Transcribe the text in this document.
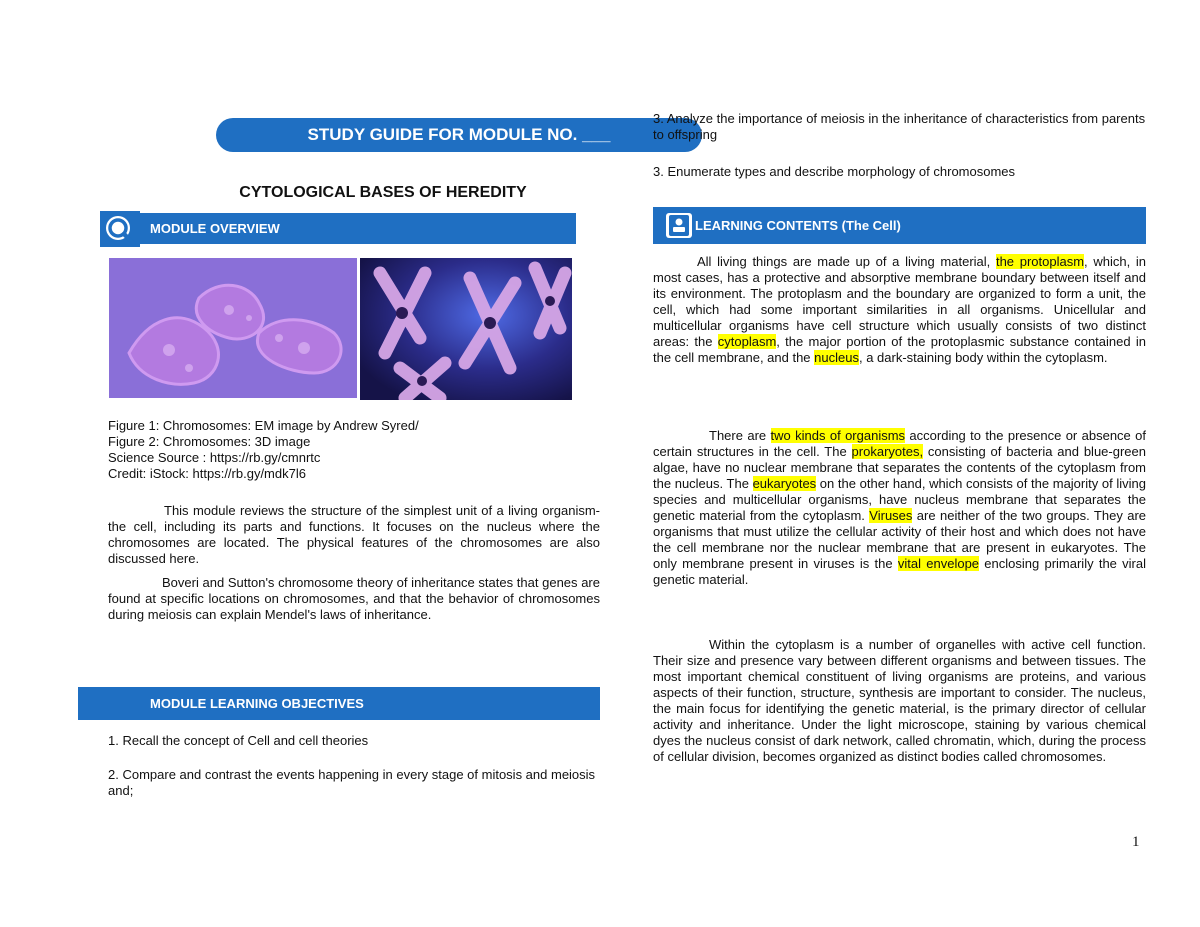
STUDY GUIDE FOR MODULE NO. ___
CYTOLOGICAL BASES OF HEREDITY
MODULE OVERVIEW
Figure 1: Chromosomes: EM image by Andrew Syred/
Figure 2: Chromosomes: 3D image
Science Source : https://rb.gy/cmnrtc
Credit: iStock: https://rb.gy/mdk7l6
This module reviews the structure of the simplest unit of a living organism- the cell, including its parts and functions. It focuses on the nucleus where the chromosomes are located. The physical features of the chromosomes are also discussed here.
Boveri and Sutton's chromosome theory of inheritance states that genes are found at specific locations on chromosomes, and that the behavior of chromosomes during meiosis can explain Mendel's laws of inheritance.
MODULE LEARNING OBJECTIVES
1. Recall the concept of Cell and cell theories
2. Compare and contrast the events happening in every stage of mitosis and meiosis and;
3. Analyze the importance of meiosis in the inheritance of characteristics from parents to offspring
3. Enumerate types and describe morphology of chromosomes
LEARNING CONTENTS (The Cell)
All living things are made up of a living material, the protoplasm, which, in most cases, has a protective and absorptive membrane boundary between itself and its environment. The protoplasm and the boundary are organized to form a unit, the cell, which had some important similarities in all organisms. Unicellular and multicellular organisms have cell structure which usually consists of two distinct areas: the cytoplasm, the major portion of the protoplasmic substance contained in the cell membrane, and the nucleus, a dark-staining body within the cytoplasm.
There are two kinds of organisms according to the presence or absence of certain structures in the cell. The prokaryotes, consisting of bacteria and blue-green algae, have no nuclear membrane that separates the contents of the cytoplasm from the nucleus. The eukaryotes on the other hand, which consists of the majority of living species and multicellular organisms, have nucleus membrane that separates the genetic material from the cytoplasm. Viruses are neither of the two groups. They are organisms that must utilize the cellular activity of their host and which does not have the cell membrane nor the nuclear membrane that are present in eukaryotes. The only membrane present in viruses is the vital envelope enclosing primarily the viral genetic material.
Within the cytoplasm is a number of organelles with active cell function. Their size and presence vary between different organisms and between tissues. The most important chemical constituent of living organisms are proteins, and various aspects of their function, structure, synthesis are important to consider. The nucleus, the main focus for identifying the genetic material, is the primary director of cellular activity and inheritance. Under the light microscope, staining by various chemical dyes the nucleus consist of dark network, called chromatin, which, during the process of cellular division, becomes organized as distinct bodies called chromosomes.
1
